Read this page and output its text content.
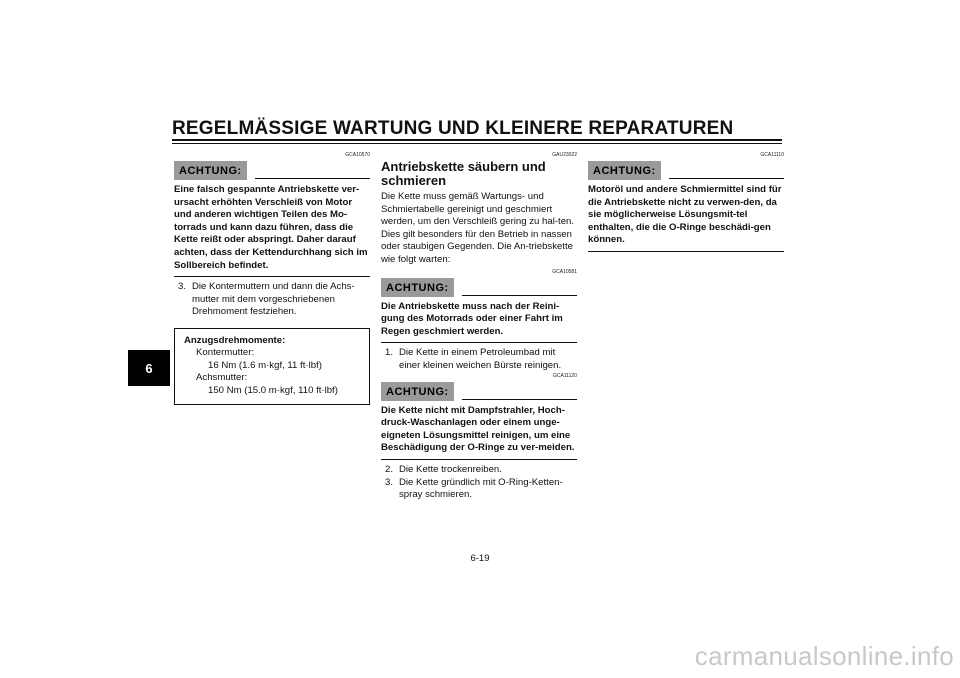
REGELMÄSSIGE WARTUNG UND KLEINERE REPARATUREN
6
GCA10570
ACHTUNG:

Eine falsch gespannte Antriebskette ver-ursacht erhöhten Verschleiß von Motor und anderen wichtigen Teilen des Mo-torrads und kann dazu führen, dass die Kette reißt oder abspringt. Daher darauf achten, dass der Kettendurchhang sich im Sollbereich befindet.

3. Die Kontermuttern und dann die Achs-mutter mit dem vorgeschriebenen Drehmoment festziehen.
Anzugsdrehmomente:
Kontermutter:
16 Nm (1.6 m·kgf, 11 ft·lbf)
Achsmutter:
150 Nm (15.0 m·kgf, 110 ft·lbf)
GAU23022
Antriebskette säubern und schmieren

Die Kette muss gemäß Wartungs- und Schmiertabelle gereinigt und geschmiert werden, um den Verschleiß gering zu hal-ten. Dies gilt besonders für den Betrieb in nassen oder staubigen Gegenden. Die An-triebskette wie folgt warten:

GCA10581
ACHTUNG:

Die Antriebskette muss nach der Reini-gung des Motorrads oder einer Fahrt im Regen geschmiert werden.

1. Die Kette in einem Petroleumbad mit einer kleinen weichen Bürste reinigen.
GCA11120
ACHTUNG:

Die Kette nicht mit Dampfstrahler, Hoch-druck-Waschanlagen oder einem unge-eigneten Lösungsmittel reinigen, um eine Beschädigung der O-Ringe zu ver-meiden.

2. Die Kette trockenreiben.
3. Die Kette gründlich mit O-Ring-Ketten-spray schmieren.
GCA11110
ACHTUNG:

Motoröl und andere Schmiermittel sind für die Antriebskette nicht zu verwen-den, da sie möglicherweise Lösungsmit-tel enthalten, die die O-Ringe beschädi-gen können.

6-19
carmanualsonline.info
